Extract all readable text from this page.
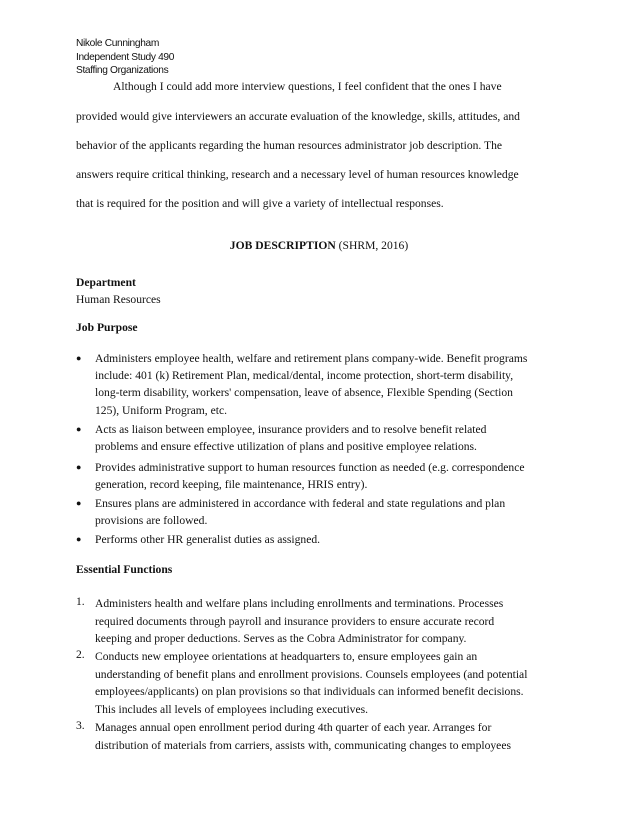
Nikole Cunningham
Independent Study 490
Staffing Organizations
Although I could add more interview questions, I feel confident that the ones I have
provided would give interviewers an accurate evaluation of the knowledge, skills, attitudes, and
behavior of the applicants regarding the human resources administrator job description. The
answers require critical thinking, research and a necessary level of human resources knowledge
that is required for the position and will give a variety of intellectual responses.
JOB DESCRIPTION (SHRM, 2016)
Department
Human Resources
Job Purpose
● Administers employee health, welfare and retirement plans company-wide. Benefit programs
include: 401 (k) Retirement Plan, medical/dental, income protection, short-term disability,
long-term disability, workers' compensation, leave of absence, Flexible Spending (Section
125), Uniform Program, etc.
● Acts as liaison between employee, insurance providers and to resolve benefit related
problems and ensure effective utilization of plans and positive employee relations.
● Provides administrative support to human resources function as needed (e.g. correspondence
generation, record keeping, file maintenance, HRIS entry).
● Ensures plans are administered in accordance with federal and state regulations and plan
provisions are followed.
● Performs other HR generalist duties as assigned.
Essential Functions
1. Administers health and welfare plans including enrollments and terminations. Processes
required documents through payroll and insurance providers to ensure accurate record
keeping and proper deductions. Serves as the Cobra Administrator for company.
2. Conducts new employee orientations at headquarters to, ensure employees gain an
understanding of benefit plans and enrollment provisions. Counsels employees (and potential
employees/applicants) on plan provisions so that individuals can informed benefit decisions.
This includes all levels of employees including executives.
3. Manages annual open enrollment period during 4th quarter of each year. Arranges for
distribution of materials from carriers, assists with, communicating changes to employees
